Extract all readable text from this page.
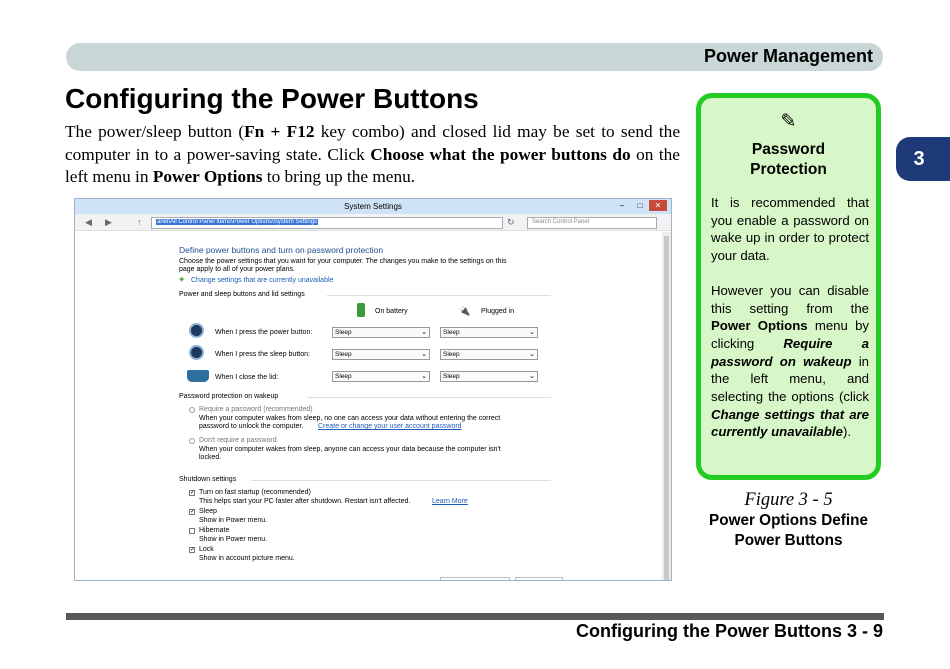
Power Management
3
Configuring the Power Buttons
The power/sleep button (Fn + F12 key combo) and closed lid may be set to send the computer in to a power-saving state. Click Choose what the power buttons do on the left menu in Power Options to bring up the menu.
System Settings	– □ ✕
◀ ▶	↑	anel\All Control Panel Items\Power Options\System Settings	↻	Search Control Panel
Define power buttons and turn on password protection
Choose the power settings that you want for your computer. The changes you make to the settings on this
page apply to all of your power plans.
◈ Change settings that are currently unavailable
Power and sleep buttons and lid settings
On battery	🔌 Plugged in
When I press the power button:	Sleep	⌄	Sleep	⌄
When I press the sleep button:	Sleep	⌄	Sleep	⌄
When I close the lid:	Sleep	⌄	Sleep	⌄
Password protection on wakeup
Require a password (recommended)
When your computer wakes from sleep, no one can access your data without entering the correct
password to unlock the computer. Create or change your user account password
Don't require a password
When your computer wakes from sleep, anyone can access your data because the computer isn't
locked.
Shutdown settings
✓ Turn on fast startup (recommended)
This helps start your PC faster after shutdown. Restart isn't affected.	Learn More
✓ Sleep
Show in Power menu.
Hibernate
Show in Power menu.
✓ Lock
Show in account picture menu.
✎
Password
Protection

It is recommended that you enable a password on wake up in order to protect your data.

However you can disable this setting from the Power Options menu by clicking Require a password on wakeup in the left menu, and selecting the options (click Change settings that are currently unavailable).

Figure 3 - 5
Power Options Define Power Buttons
Configuring the Power Buttons 3 - 9
